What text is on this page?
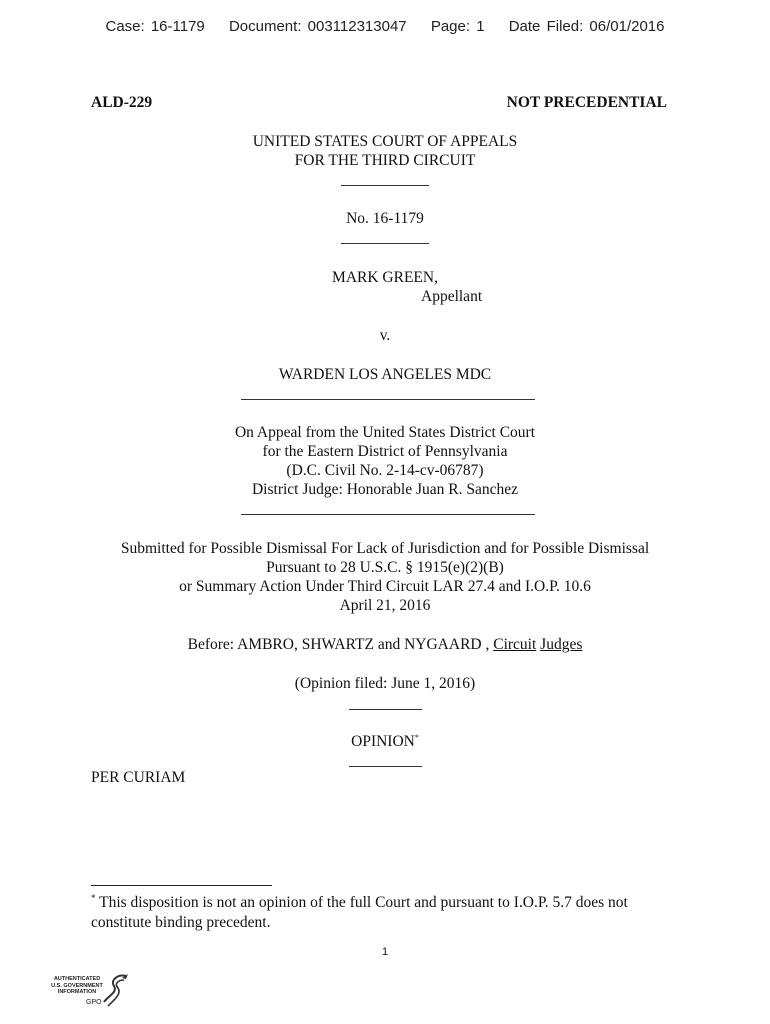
Case: 16-1179 Document: 003112313047 Page: 1 Date Filed: 06/01/2016
ALD-229	NOT PRECEDENTIAL
UNITED STATES COURT OF APPEALS
FOR THE THIRD CIRCUIT
No. 16-1179
MARK GREEN,
Appellant
v.
WARDEN LOS ANGELES MDC
On Appeal from the United States District Court
for the Eastern District of Pennsylvania
(D.C. Civil No. 2-14-cv-06787)
District Judge: Honorable Juan R. Sanchez
Submitted for Possible Dismissal For Lack of Jurisdiction and for Possible Dismissal
Pursuant to 28 U.S.C. § 1915(e)(2)(B)
or Summary Action Under Third Circuit LAR 27.4 and I.O.P. 10.6
April 21, 2016
Before: AMBRO, SHWARTZ and NYGAARD , Circuit Judges
(Opinion filed: June 1, 2016)
OPINION*
PER CURIAM
* This disposition is not an opinion of the full Court and pursuant to I.O.P. 5.7 does not
constitute binding precedent.
1
AUTHENTICATED
U.S. GOVERNMENT
INFORMATION
GPO
